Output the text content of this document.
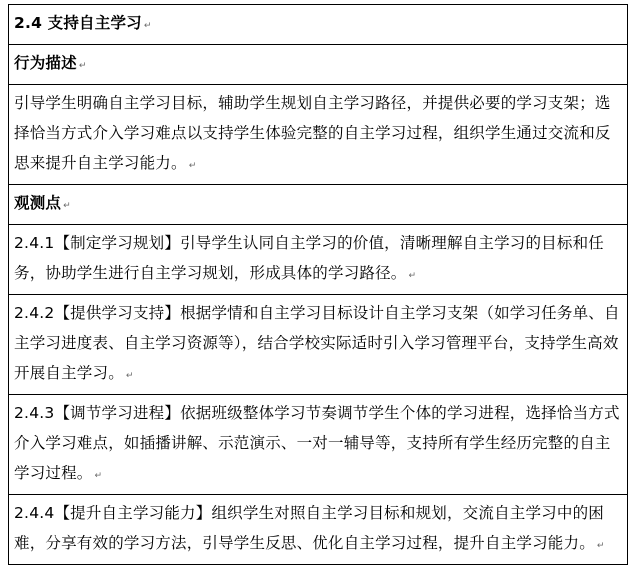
2.4 支持自主学习 ↵
行为描述 ↵
引导学生明确自主学习目标，辅助学生规划自主学习路径，并提供必要的学习支架；选择恰当方式介入学习难点以支持学生体验完整的自主学习过程，组织学生通过交流和反思来提升自主学习能力。 ↵
观测点 ↵
2.4.1【制定学习规划】引导学生认同自主学习的价值，清晰理解自主学习的目标和任务，协助学生进行自主学习规划，形成具体的学习路径。 ↵
2.4.2【提供学习支持】根据学情和自主学习目标设计自主学习支架（如学习任务单、自主学习进度表、自主学习资源等），结合学校实际适时引入学习管理平台，支持学生高效开展自主学习。 ↵
2.4.3【调节学习进程】依据班级整体学习节奏调节学生个体的学习进程，选择恰当方式介入学习难点，如插播讲解、示范演示、一对一辅导等，支持所有学生经历完整的自主学习过程。 ↵
2.4.4【提升自主学习能力】组织学生对照自主学习目标和规划，交流自主学习中的困难，分享有效的学习方法，引导学生反思、优化自主学习过程，提升自主学习能力。 ↵
